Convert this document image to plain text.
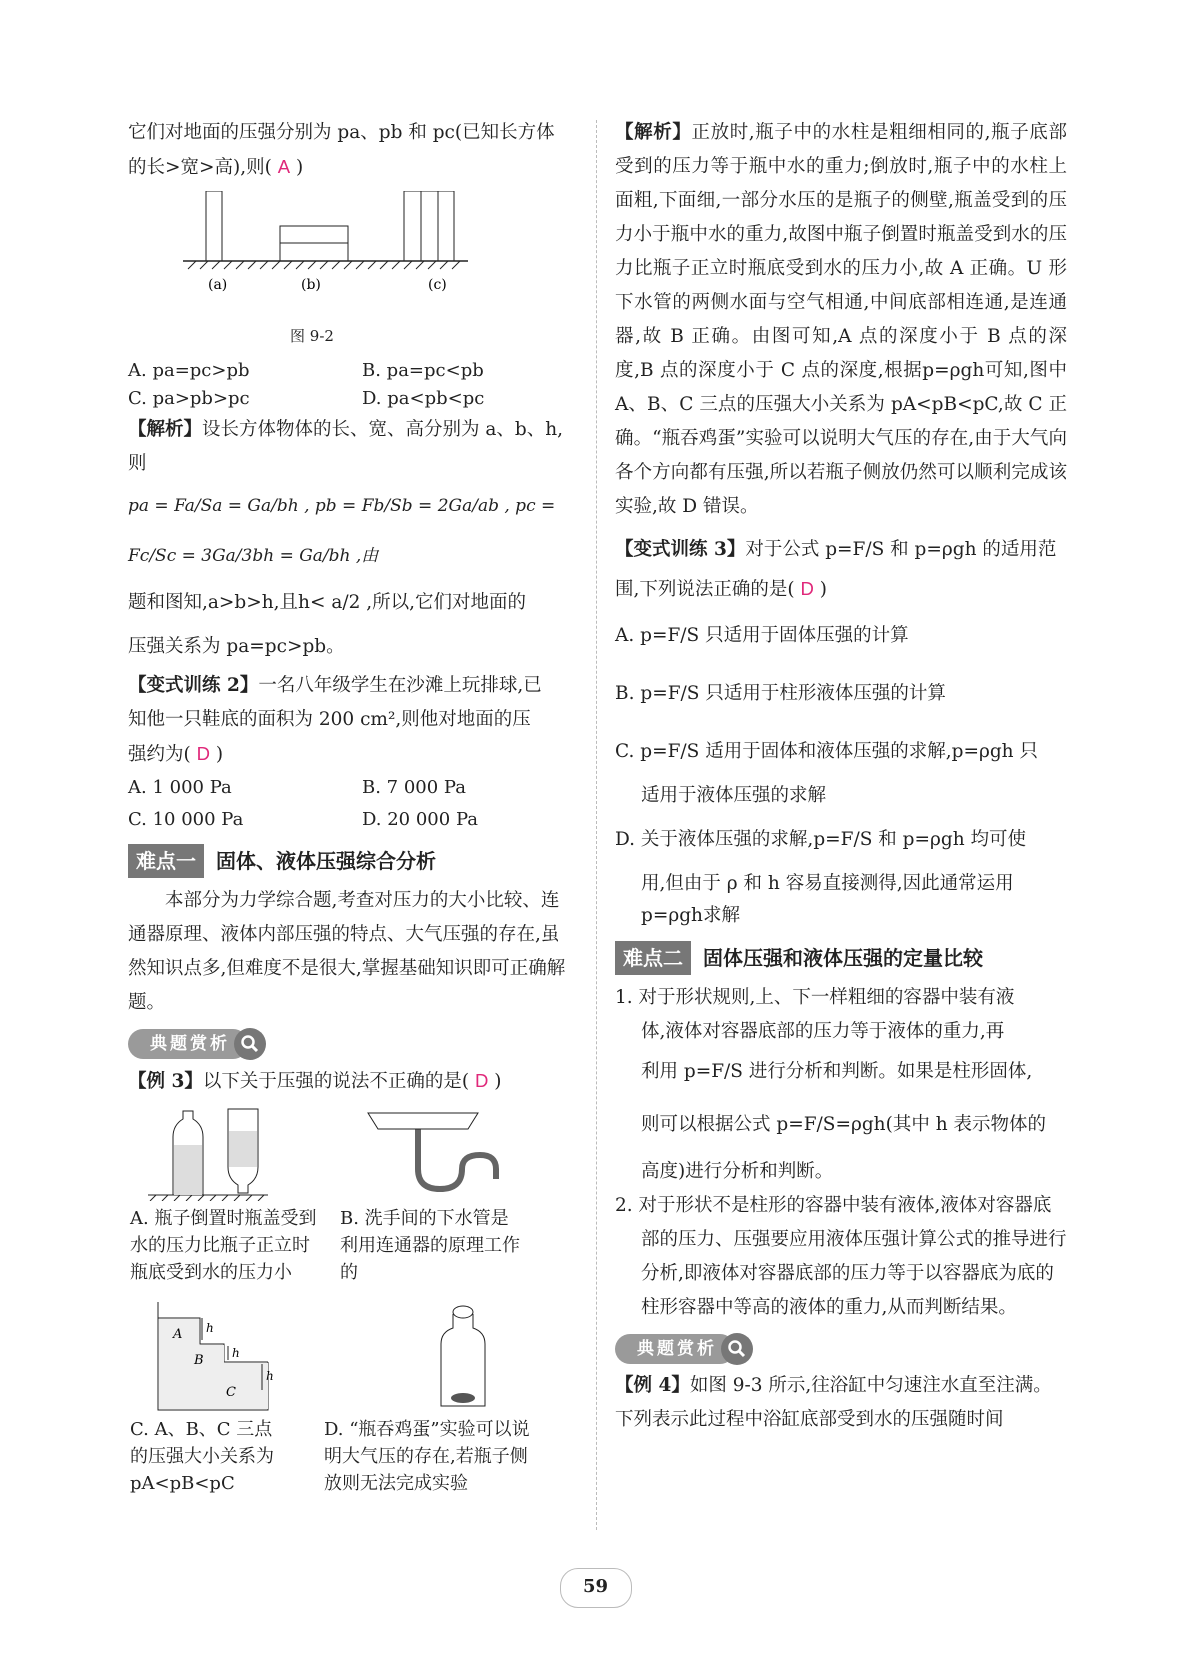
它们对地面的压强分别为 pa、pb 和 pc(已知长方体

的长>宽>高),则( A )

(a)	(b)	(c)
图 9-2
A. pa=pc>pb	B. pa=pc<pb
C. pa>pb>pc	D. pa<pb<pc

【解析】设长方体物体的长、宽、高分别为 a、b、h,则

pa = Fa/Sa = Ga/bh , pb = Fb/Sb = 2Ga/ab , pc = Fc/Sc = 3Ga/3bh = Ga/bh ,由

题和图知,a>b>h,且h< a/2 ,所以,它们对地面的

压强关系为 pa=pc>pb。

【变式训练 2】一名八年级学生在沙滩上玩排球,已

知他一只鞋底的面积为 200 cm²,则他对地面的压

强约为( D )

A. 1 000 Pa	B. 7 000 Pa
C. 10 000 Pa	D. 20 000 Pa
难点一	固体、液体压强综合分析

本部分为力学综合题,考查对压力的大小比较、连通器原理、液体内部压强的特点、大气压强的存在,虽然知识点多,但难度不是很大,掌握基础知识即可正确解题。

典题赏析

【例 3】以下关于压强的说法不正确的是( D )

A. 瓶子倒置时瓶盖受到水的压力比瓶子正立时瓶底受到水的压力小
B. 洗手间的下水管是利用连通器的原理工作的
A
B
C
h
h
h
C. A、B、C 三点的压强大小关系为 pA<pB<pC
D. “瓶吞鸡蛋”实验可以说明大气压的存在,若瓶子侧放则无法完成实验

【解析】正放时,瓶子中的水柱是粗细相同的,瓶子底部受到的压力等于瓶中水的重力;倒放时,瓶子中的水柱上面粗,下面细,一部分水压的是瓶子的侧壁,瓶盖受到的压力小于瓶中水的重力,故图中瓶子倒置时瓶盖受到水的压力比瓶子正立时瓶底受到水的压力小,故 A 正确。U 形下水管的两侧水面与空气相通,中间底部相连通,是连通器,故 B 正确。由图可知,A 点的深度小于 B 点的深度,B 点的深度小于 C 点的深度,根据p=ρgh可知,图中 A、B、C 三点的压强大小关系为 pA<pB<pC,故 C 正确。“瓶吞鸡蛋”实验可以说明大气压的存在,由于大气向各个方向都有压强,所以若瓶子侧放仍然可以顺利完成该实验,故 D 错误。

【变式训练 3】对于公式 p=F/S 和 p=ρgh 的适用范

围,下列说法正确的是( D )

A. p=F/S 只适用于固体压强的计算

B. p=F/S 只适用于柱形液体压强的计算

C. p=F/S 适用于固体和液体压强的求解,p=ρgh 只

适用于液体压强的求解

D. 关于液体压强的求解,p=F/S 和 p=ρgh 均可使

用,但由于 ρ 和 h 容易直接测得,因此通常运用

p=ρgh求解

难点二	固体压强和液体压强的定量比较

1. 对于形状规则,上、下一样粗细的容器中装有液

体,液体对容器底部的压力等于液体的重力,再

利用 p=F/S 进行分析和判断。如果是柱形固体,

则可以根据公式 p=F/S=ρgh(其中 h 表示物体的

高度)进行分析和判断。

2. 对于形状不是柱形的容器中装有液体,液体对容器底部的压力、压强要应用液体压强计算公式的推导进行分析,即液体对容器底部的压力等于以容器底为底的柱形容器中等高的液体的重力,从而判断结果。

典题赏析

【例 4】如图 9-3 所示,往浴缸中匀速注水直至注满。下列表示此过程中浴缸底部受到水的压强随时间

59
